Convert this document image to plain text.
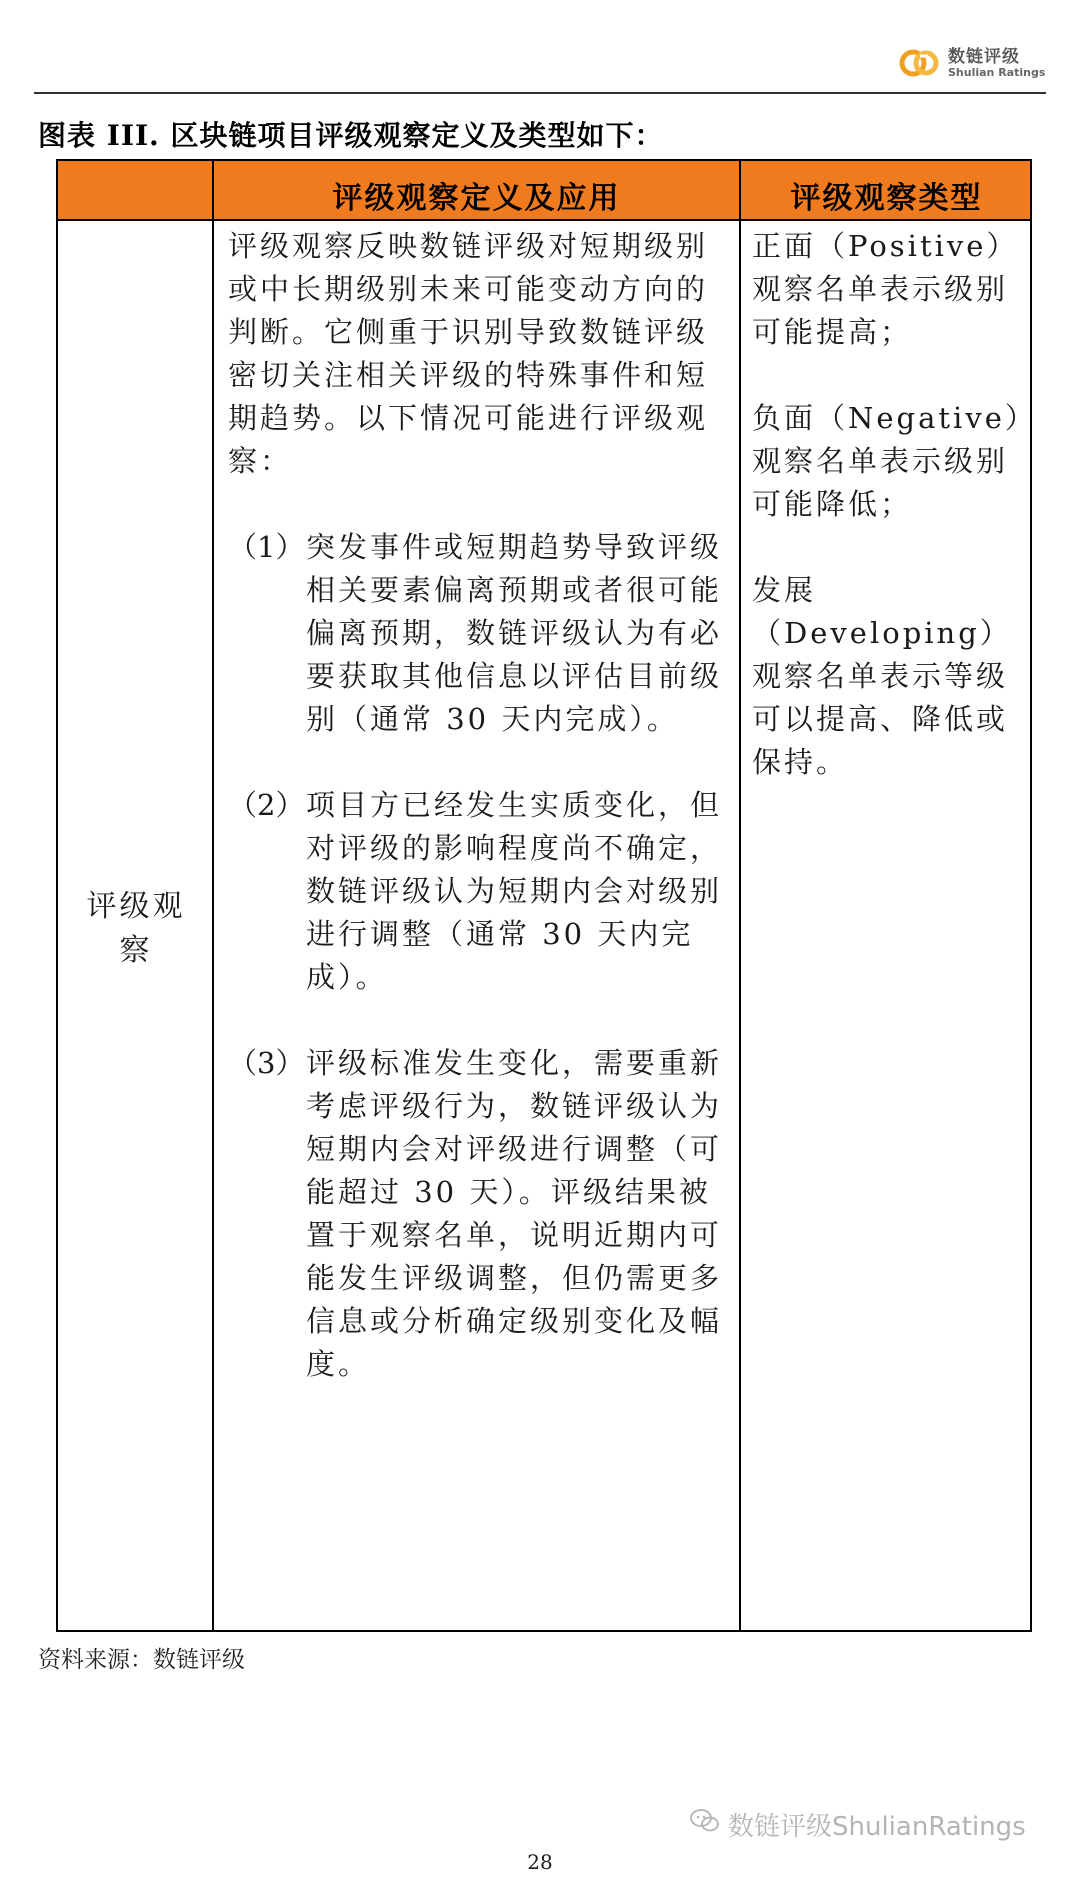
数链评级
Shulian Ratings
图表 III. 区块链项目评级观察定义及类型如下：
评级观察定义及应用	评级观察类型
评级观察

评级观察反映数链评级对短期级别或中长期级别未来可能变动方向的判断。它侧重于识别导致数链评级密切关注相关评级的特殊事件和短期趋势。以下情况可能进行评级观察：

（1） 突发事件或短期趋势导致评级相关要素偏离预期或者很可能偏离预期，数链评级认为有必要获取其他信息以评估目前级别（通常 30 天内完成）。
（2） 项目方已经发生实质变化，但对评级的影响程度尚不确定，数链评级认为短期内会对级别进行调整（通常 30 天内完成）。
（3） 评级标准发生变化，需要重新考虑评级行为，数链评级认为短期内会对评级进行调整（可能超过 30 天）。评级结果被置于观察名单，说明近期内可能发生评级调整，但仍需更多信息或分析确定级别变化及幅度。

正面（Positive）观察名单表示级别可能提高；

负面（Negative）观察名单表示级别可能降低；

发展（Developing）观察名单表示等级可以提高、降低或保持。

资料来源：数链评级
数链评级ShulianRatings
28
